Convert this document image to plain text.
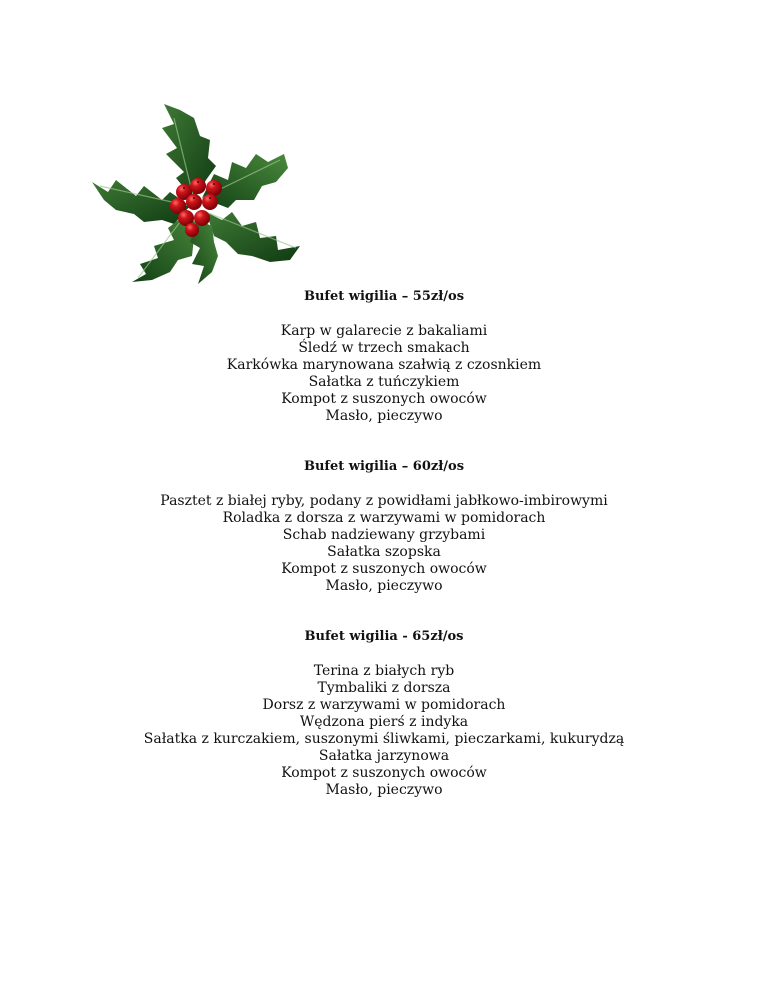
Bufet wigilia – 55zł/os
Karp w galarecie z bakaliami
Śledź w trzech smakach
Karkówka marynowana szałwią z czosnkiem
Sałatka z tuńczykiem
Kompot z suszonych owoców
Masło, pieczywo
Bufet wigilia – 60zł/os
Pasztet z białej ryby, podany z powidłami jabłkowo-imbirowymi
Roladka z dorsza z warzywami w pomidorach
Schab nadziewany grzybami
Sałatka szopska
Kompot z suszonych owoców
Masło, pieczywo
Bufet wigilia - 65zł/os
Terina z białych ryb
Tymbaliki z dorsza
Dorsz z warzywami w pomidorach
Wędzona pierś z indyka
Sałatka z kurczakiem, suszonymi śliwkami, pieczarkami, kukurydzą
Sałatka jarzynowa
Kompot z suszonych owoców
Masło, pieczywo
